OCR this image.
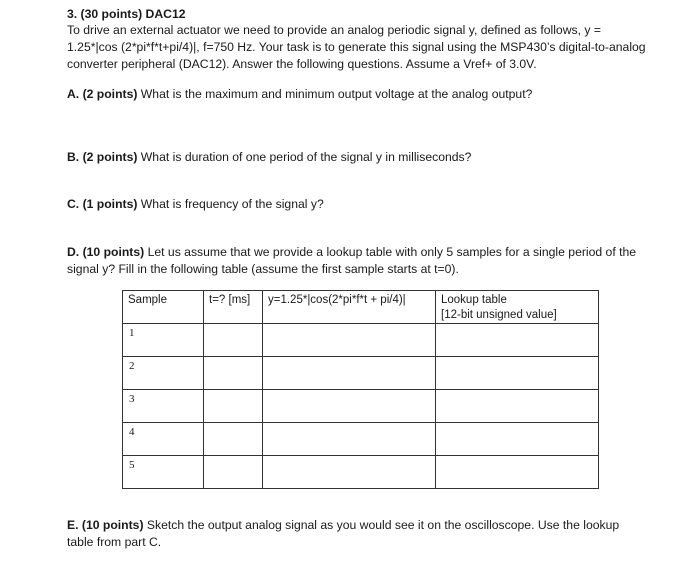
3. (30 points) DAC12
To drive an external actuator we need to provide an analog periodic signal y, defined as follows, y = 1.25*|cos (2*pi*f*t+pi/4)|, f=750 Hz. Your task is to generate this signal using the MSP430’s digital-to-analog converter peripheral (DAC12). Answer the following questions. Assume a Vref+ of 3.0V.
A. (2 points) What is the maximum and minimum output voltage at the analog output?
B. (2 points) What is duration of one period of the signal y in milliseconds?
C. (1 points) What is frequency of the signal y?
D. (10 points) Let us assume that we provide a lookup table with only 5 samples for a single period of the signal y? Fill in the following table (assume the first sample starts at t=0).
Sample	t=? [ms]	y=1.25*|cos(2*pi*f*t + pi/4)|	Lookup table
[12-bit unsigned value]

1			
2			
3			
4			
5			
E. (10 points) Sketch the output analog signal as you would see it on the oscilloscope. Use the lookup table from part C.
